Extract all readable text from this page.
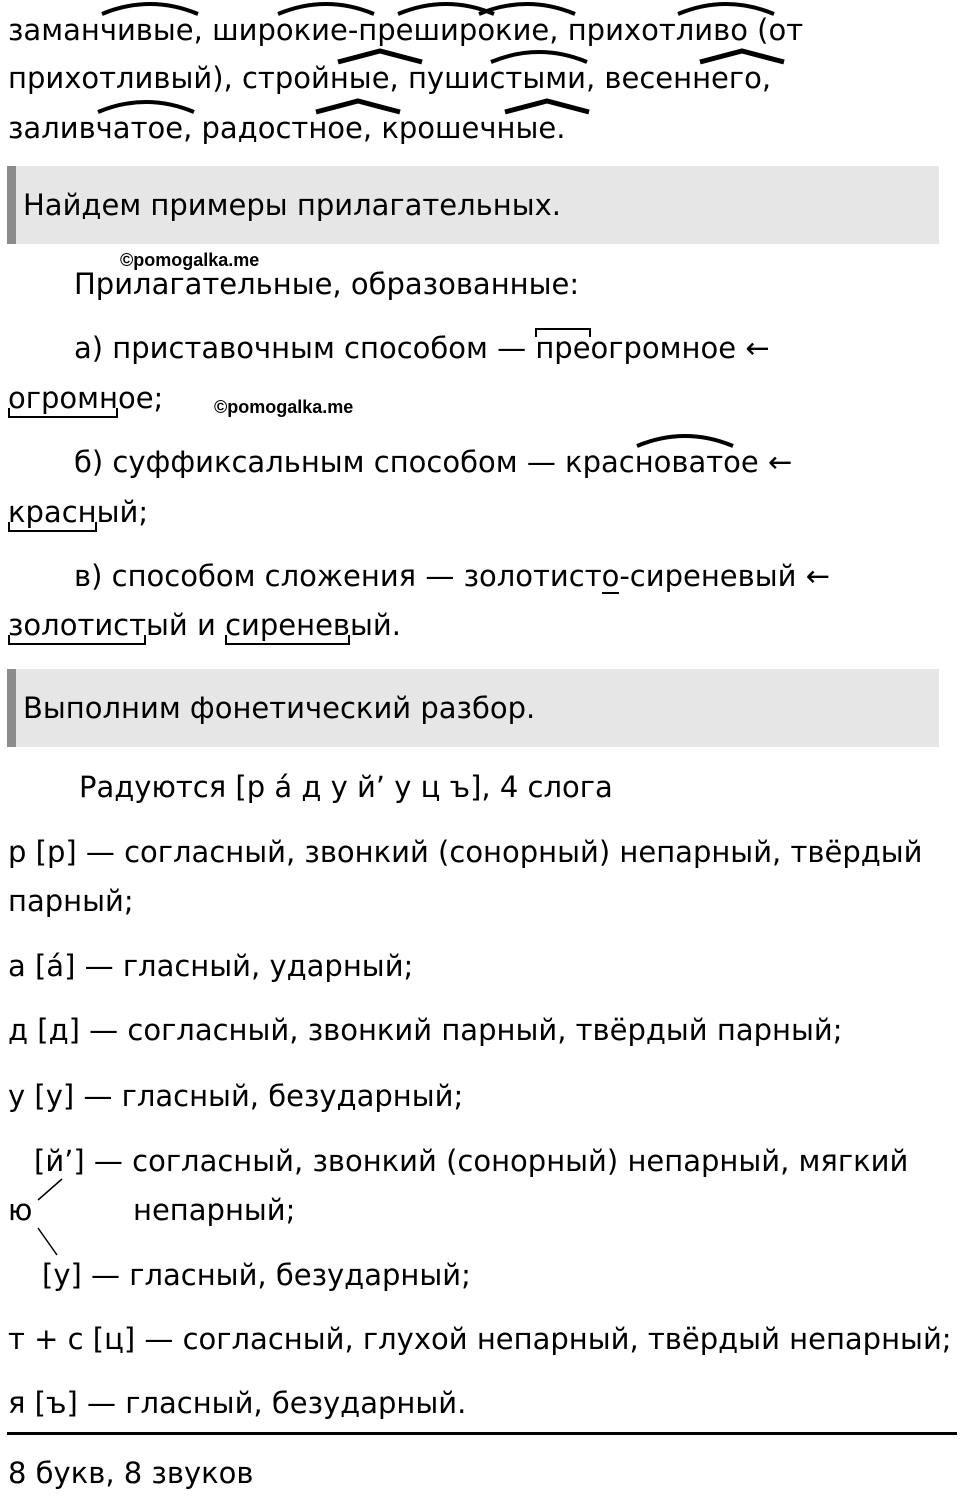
заман
чивые, шир
окие-пр
ешир
окие, прихот
ливо (от
прихотливый), строй
ные, пуши
стыми, весен
него,
залив
чатое, радост
ное, крошеч
ные.
Найдем примеры прилагательных.
©pomogalka.me
Прилагательные, образованные:
а) приставочным способом —
преогромное ←
огромное;	©pomogalka.me
б) суффиксальным способом — крас
новатое ←
красный;
в) способом сложения — золотист
о-сиреневый ←
золотистый и
сиреневый.
Выполним фонетический разбор.
Радуются [р а́ д у й’ у ц ъ], 4 слога
р [р] — согласный, звонкий (сонорный) непарный, твёрдый
парный;
а [а́] — гласный, ударный;
д [д] — согласный, звонкий парный, твёрдый парный;
у [у] — гласный, безударный;
[й’] — согласный, звонкий (сонорный) непарный, мягкий
ю	непарный;
[у] — гласный, безударный;
т + с [ц] — согласный, глухой непарный, твёрдый непарный;
я [ъ] — гласный, безударный.
8 букв, 8 звуков
